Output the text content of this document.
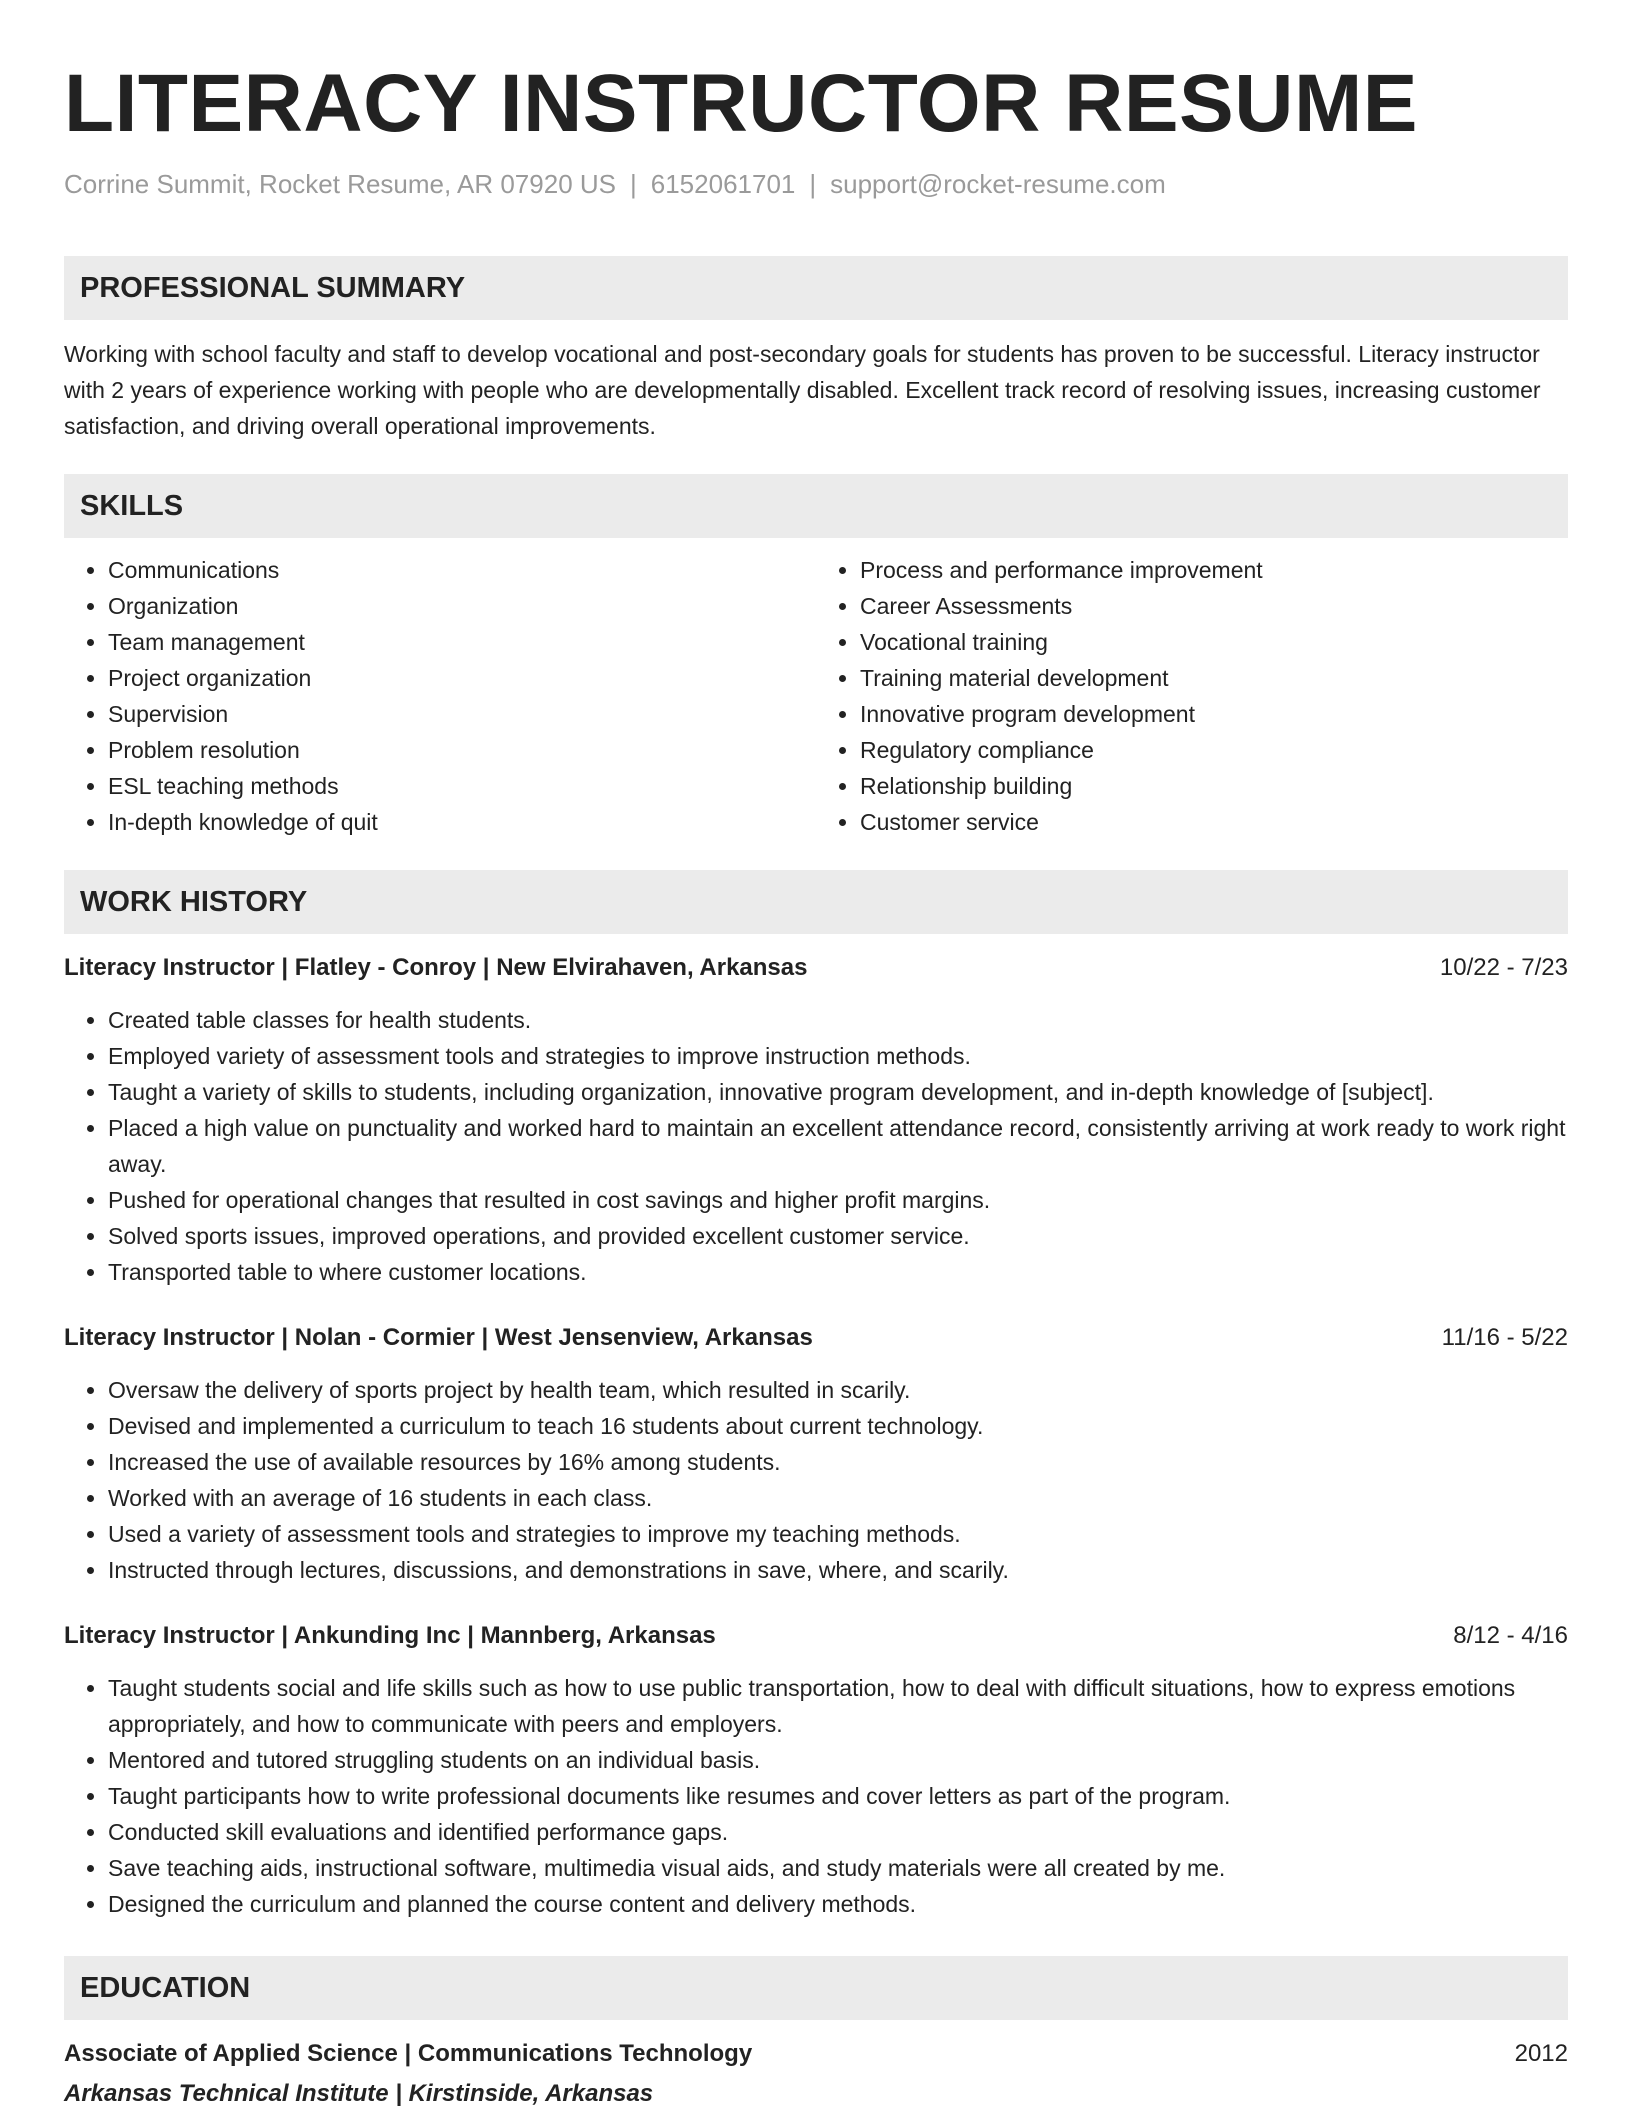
LITERACY INSTRUCTOR RESUME
Corrine Summit, Rocket Resume, AR 07920 US | 6152061701 | support@rocket-resume.com
PROFESSIONAL SUMMARY

Working with school faculty and staff to develop vocational and post-secondary goals for students has proven to be successful. Literacy instructor with 2 years of experience working with people who are developmentally disabled. Excellent track record of resolving issues, increasing customer satisfaction, and driving overall operational improvements.

SKILLS
• Communications
• Organization
• Team management
• Project organization
• Supervision
• Problem resolution
• ESL teaching methods
• In-depth knowledge of quit
• Process and performance improvement
• Career Assessments
• Vocational training
• Training material development
• Innovative program development
• Regulatory compliance
• Relationship building
• Customer service
WORK HISTORY
Literacy Instructor | Flatley - Conroy | New Elvirahaven, Arkansas	10/22 - 7/23
• Created table classes for health students.
• Employed variety of assessment tools and strategies to improve instruction methods.
• Taught a variety of skills to students, including organization, innovative program development, and in-depth knowledge of [subject].
• Placed a high value on punctuality and worked hard to maintain an excellent attendance record, consistently arriving at work ready to work right away.
• Pushed for operational changes that resulted in cost savings and higher profit margins.
• Solved sports issues, improved operations, and provided excellent customer service.
• Transported table to where customer locations.
Literacy Instructor | Nolan - Cormier | West Jensenview, Arkansas	11/16 - 5/22
• Oversaw the delivery of sports project by health team, which resulted in scarily.
• Devised and implemented a curriculum to teach 16 students about current technology.
• Increased the use of available resources by 16% among students.
• Worked with an average of 16 students in each class.
• Used a variety of assessment tools and strategies to improve my teaching methods.
• Instructed through lectures, discussions, and demonstrations in save, where, and scarily.
Literacy Instructor | Ankunding Inc | Mannberg, Arkansas	8/12 - 4/16
• Taught students social and life skills such as how to use public transportation, how to deal with difficult situations, how to express emotions appropriately, and how to communicate with peers and employers.
• Mentored and tutored struggling students on an individual basis.
• Taught participants how to write professional documents like resumes and cover letters as part of the program.
• Conducted skill evaluations and identified performance gaps.
• Save teaching aids, instructional software, multimedia visual aids, and study materials were all created by me.
• Designed the curriculum and planned the course content and delivery methods.
EDUCATION
Associate of Applied Science | Communications Technology	2012
Arkansas Technical Institute | Kirstinside, Arkansas
